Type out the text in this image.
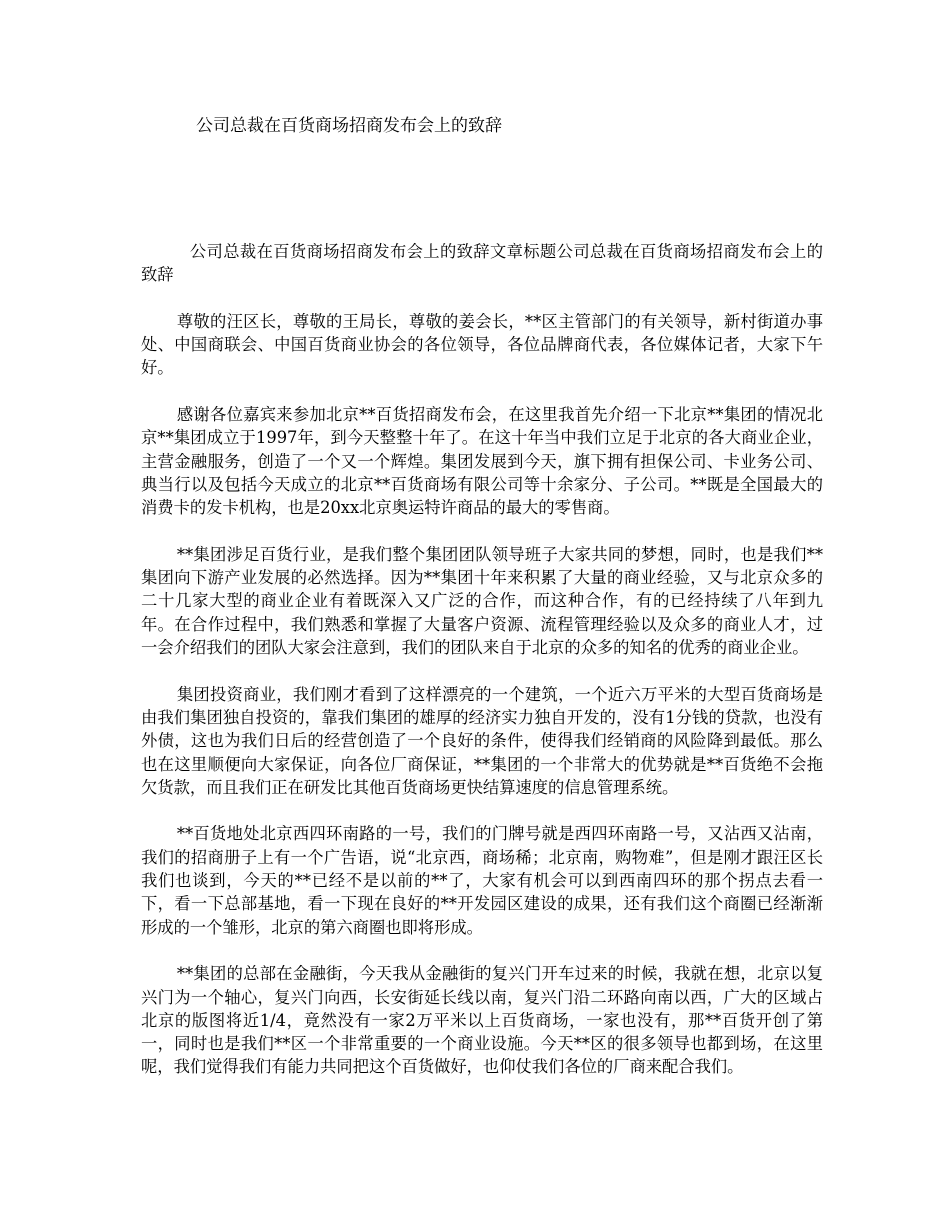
公司总裁在百货商场招商发布会上的致辞

公司总裁在百货商场招商发布会上的致辞文章标题公司总裁在百货商场招商发布会上的致辞

尊敬的汪区长，尊敬的王局长，尊敬的姜会长，**区主管部门的有关领导，新村街道办事处、中国商联会、中国百货商业协会的各位领导，各位品牌商代表，各位媒体记者，大家下午好。

感谢各位嘉宾来参加北京**百货招商发布会，在这里我首先介绍一下北京**集团的情况北京**集团成立于1997年，到今天整整十年了。在这十年当中我们立足于北京的各大商业企业，主营金融服务，创造了一个又一个辉煌。集团发展到今天，旗下拥有担保公司、卡业务公司、典当行以及包括今天成立的北京**百货商场有限公司等十余家分、子公司。**既是全国最大的消费卡的发卡机构，也是20xx北京奥运特许商品的最大的零售商。

**集团涉足百货行业，是我们整个集团团队领导班子大家共同的梦想，同时，也是我们**集团向下游产业发展的必然选择。因为**集团十年来积累了大量的商业经验，又与北京众多的二十几家大型的商业企业有着既深入又广泛的合作，而这种合作，有的已经持续了八年到九年。在合作过程中，我们熟悉和掌握了大量客户资源、流程管理经验以及众多的商业人才，过一会介绍我们的团队大家会注意到，我们的团队来自于北京的众多的知名的优秀的商业企业。

集团投资商业，我们刚才看到了这样漂亮的一个建筑，一个近六万平米的大型百货商场是由我们集团独自投资的，靠我们集团的雄厚的经济实力独自开发的，没有1分钱的贷款，也没有外债，这也为我们日后的经营创造了一个良好的条件，使得我们经销商的风险降到最低。那么也在这里顺便向大家保证，向各位厂商保证，**集团的一个非常大的优势就是**百货绝不会拖欠货款，而且我们正在研发比其他百货商场更快结算速度的信息管理系统。

**百货地处北京西四环南路的一号，我们的门牌号就是西四环南路一号，又沾西又沾南，我们的招商册子上有一个广告语，说“北京西，商场稀；北京南，购物难”，但是刚才跟汪区长我们也谈到，今天的**已经不是以前的**了，大家有机会可以到西南四环的那个拐点去看一下，看一下总部基地，看一下现在良好的**开发园区建设的成果，还有我们这个商圈已经渐渐形成的一个雏形，北京的第六商圈也即将形成。

**集团的总部在金融街，今天我从金融街的复兴门开车过来的时候，我就在想，北京以复兴门为一个轴心，复兴门向西，长安街延长线以南，复兴门沿二环路向南以西，广大的区域占北京的版图将近1/4，竟然没有一家2万平米以上百货商场，一家也没有，那**百货开创了第一，同时也是我们**区一个非常重要的一个商业设施。今天**区的很多领导也都到场，在这里呢，我们觉得我们有能力共同把这个百货做好，也仰仗我们各位的厂商来配合我们。
